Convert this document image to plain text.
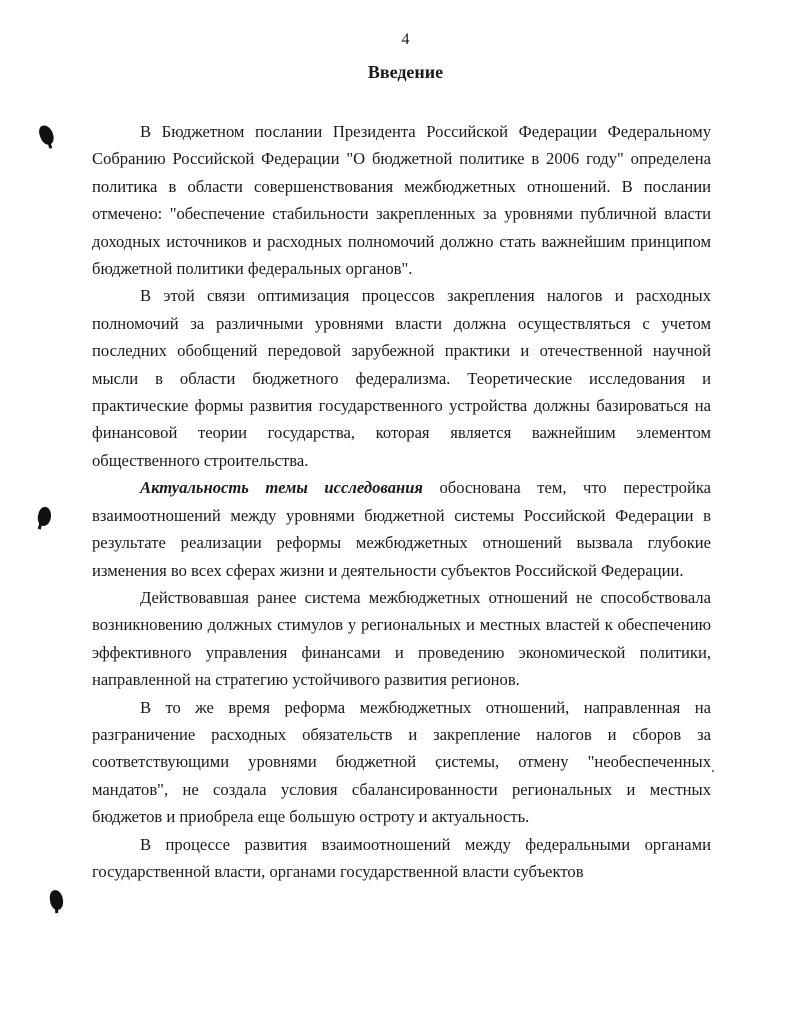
4
Введение

В Бюджетном послании Президента Российской Федерации Федеральному Собранию Российской Федерации "О бюджетной политике в 2006 году" определена политика в области совершенствования межбюджетных отношений. В послании отмечено: "обеспечение стабильности закрепленных за уровнями публичной власти доходных источников и расходных полномочий должно стать важнейшим принципом бюджетной политики федеральных органов".

В этой связи оптимизация процессов закрепления налогов и расходных полномочий за различными уровнями власти должна осуществляться с учетом последних обобщений передовой зарубежной практики и отечественной научной мысли в области бюджетного федерализма. Теоретические исследования и практические формы развития государственного устройства должны базироваться на финансовой теории государства, которая является важнейшим элементом общественного строительства.

Актуальность темы исследования обоснована тем, что перестройка взаимоотношений между уровнями бюджетной системы Российской Федерации в результате реализации реформы межбюджетных отношений вызвала глубокие изменения во всех сферах жизни и деятельности субъектов Российской Федерации.

Действовавшая ранее система межбюджетных отношений не способствовала возникновению должных стимулов у региональных и местных властей к обеспечению эффективного управления финансами и проведению экономической политики, направленной на стратегию устойчивого развития регионов.

В то же время реформа межбюджетных отношений, направленная на разграничение расходных обязательств и закрепление налогов и сборов за соответствующими уровнями бюджетной системы, отмену "необеспеченных мандатов", не создала условия сбалансированности региональных и местных бюджетов и приобрела еще большую остроту и актуальность.

В процессе развития взаимоотношений между федеральными органами государственной власти, органами государственной власти субъектов
